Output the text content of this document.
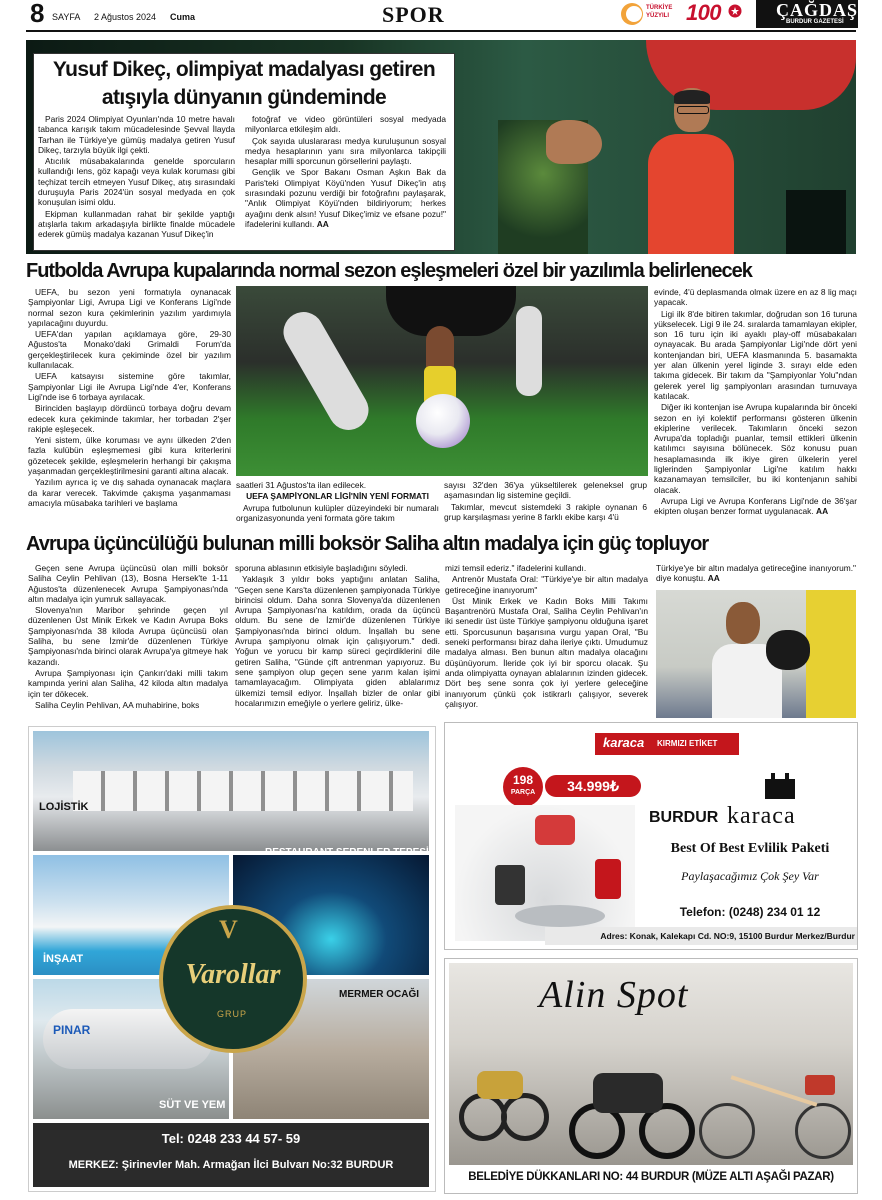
8 SAYFA 2 Ağustos 2024 Cuma	SPOR	TÜRKİYE
YÜZYILI 100	ÇAĞDAŞ
BURDUR GAZETESİ
Yusuf Dikeç, olimpiyat madalyası getiren
atışıyla dünyanın gündeminde

Paris 2024 Olimpiyat Oyunları'nda 10 metre havalı tabanca karışık takım mücadelesinde Şevval İlayda Tarhan ile Türkiye'ye gümüş madalya getiren Yusuf Dikeç, tarzıyla büyük ilgi çekti.

Atıcılık müsabakalarında genelde sporcuların kullandığı lens, göz kapağı veya kulak koruması gibi teçhizat tercih etmeyen Yusuf Dikeç, atış sırasındaki duruşuyla Paris 2024'ün sosyal medyada en çok konuşulan isimi oldu.

Ekipman kullanmadan rahat bir şekilde yaptığı atışlarla takım arkadaşıyla birlikte finalde mücadele ederek gümüş madalya kazanan Yusuf Dikeç'in

fotoğraf ve video görüntüleri sosyal medyada milyonlarca etkileşim aldı.

Çok sayıda uluslararası medya kuruluşunun sosyal medya hesaplarının yanı sıra milyonlarca takipçili hesaplar milli sporcunun görsellerini paylaştı.

Gençlik ve Spor Bakanı Osman Aşkın Bak da Paris'teki Olimpiyat Köyü'nden Yusuf Dikeç'in atış sırasındaki pozunu verdiği bir fotoğrafını paylaşarak, "Anlık Olimpiyat Köyü'nden bildiriyorum; herkes ayağını denk alsın! Yusuf Dikeç'imiz ve efsane pozu!" ifadelerini kullandı. AA

Futbolda Avrupa kupalarında normal sezon eşleşmeleri özel bir yazılımla belirlenecek

UEFA, bu sezon yeni formatıyla oynanacak Şampiyonlar Ligi, Avrupa Ligi ve Konferans Ligi'nde normal sezon kura çekimlerinin yazılım yardımıyla yapılacağını duyurdu.

UEFA'dan yapılan açıklamaya göre, 29-30 Ağustos'ta Monako'daki Grimaldi Forum'da gerçekleştirilecek kura çekiminde özel bir yazılım kullanılacak.

UEFA katsayısı sistemine göre takımlar, Şampiyonlar Ligi ile Avrupa Ligi'nde 4'er, Konferans Ligi'nde ise 6 torbaya ayrılacak.

Birinciden başlayıp dördüncü torbaya doğru devam edecek kura çekiminde takımlar, her torbadan 2'şer rakiple eşleşecek.

Yeni sistem, ülke koruması ve aynı ülkeden 2'den fazla kulübün eşleşmemesi gibi kura kriterlerini gözetecek şekilde, eşleşmelerin herhangi bir çakışma yaşanmadan gerçekleştirilmesini garanti altına alacak.

Yazılım ayrıca iç ve dış sahada oynanacak maçlara da karar verecek. Takvimde çakışma yaşanmaması amacıyla müsabaka tarihleri ve başlama

saatleri 31 Ağustos'ta ilan edilecek.

UEFA ŞAMPİYONLAR LİGİ'NİN YENİ FORMATI

Avrupa futbolunun kulüpler düzeyindeki bir numaralı organizasyonunda yeni formata göre takım

sayısı 32'den 36'ya yükseltilerek geleneksel grup aşamasından lig sistemine geçildi.

Takımlar, mevcut sistemdeki 3 rakiple oynanan 6 grup karşılaşması yerine 8 farklı ekibe karşı 4'ü

evinde, 4'ü deplasmanda olmak üzere en az 8 lig maçı yapacak.

Ligi ilk 8'de bitiren takımlar, doğrudan son 16 turuna yükselecek. Ligi 9 ile 24. sıralarda tamamlayan ekipler, son 16 turu için iki ayaklı play-off müsabakaları oynayacak. Bu arada Şampiyonlar Ligi'nde dört yeni kontenjandan biri, UEFA klasmanında 5. basamakta yer alan ülkenin yerel liginde 3. sırayı elde eden takıma gidecek. Bir takım da "Şampiyonlar Yolu"ndan gelerek yerel lig şampiyonları arasından turnuvaya katılacak.

Diğer iki kontenjan ise Avrupa kupalarında bir önceki sezon en iyi kolektif performansı gösteren ülkenin ekiplerine verilecek. Takımların önceki sezon Avrupa'da topladığı puanlar, temsil ettikleri ülkenin katılımcı sayısına bölünecek. Söz konusu puan hesaplamasında ilk ikiye giren ülkelerin yerel liglerinden Şampiyonlar Ligi'ne katılım hakkı kazanamayan temsilciler, bu iki kontenjanın sahibi olacak.

Avrupa Ligi ve Avrupa Konferans Ligi'nde de 36'şar ekipten oluşan benzer format uygulanacak. AA

Avrupa üçüncülüğü bulunan milli boksör Saliha altın madalya için güç topluyor

Geçen sene Avrupa üçüncüsü olan milli boksör Saliha Ceylin Pehlivan (13), Bosna Hersek'te 1-11 Ağustos'ta düzenlenecek Avrupa Şampiyonası'nda altın madalya için yumruk sallayacak.

Slovenya'nın Maribor şehrinde geçen yıl düzenlenen Üst Minik Erkek ve Kadın Avrupa Boks Şampiyonası'nda 38 kiloda Avrupa üçüncüsü olan Saliha, bu sene İzmir'de düzenlenen Türkiye Şampiyonası'nda birinci olarak Avrupa'ya gitmeye hak kazandı.

Avrupa Şampiyonası için Çankırı'daki milli takım kampında yerini alan Saliha, 42 kiloda altın madalya için ter dökecek.

Saliha Ceylin Pehlivan, AA muhabirine, boks

sporuna ablasının etkisiyle başladığını söyledi.

Yaklaşık 3 yıldır boks yaptığını anlatan Saliha, "Geçen sene Kars'ta düzenlenen şampiyonada Türkiye birincisi oldum. Daha sonra Slovenya'da düzenlenen Avrupa Şampiyonası'na katıldım, orada da üçüncü oldum. Bu sene de İzmir'de düzenlenen Türkiye Şampiyonası'nda birinci oldum. İnşallah bu sene Avrupa şampiyonu olmak için çalışıyorum." dedi. Yoğun ve yorucu bir kamp süreci geçirdiklerini dile getiren Saliha, "Günde çift antrenman yapıyoruz. Bu sene şampiyon olup geçen sene yarım kalan işimi tamamlayacağım. Olimpiyata giden ablalarımız ülkemizi temsil ediyor. İnşallah bizler de onlar gibi hocalarımızın emeğiyle o yerlere geliriz, ülke-

mizi temsil ederiz." ifadelerini kullandı.

Antrenör Mustafa Oral: "Türkiye'ye bir altın madalya getireceğine inanıyorum"

Üst Minik Erkek ve Kadın Boks Milli Takımı Başantrenörü Mustafa Oral, Saliha Ceylin Pehlivan'ın iki senedir üst üste Türkiye şampiyonu olduğuna işaret etti. Sporcusunun başarısına vurgu yapan Oral, "Bu seneki performansı biraz daha ileriye çıktı. Umudumuz madalya alması. Ben bunun altın madalya olacağını düşünüyorum. İleride çok iyi bir sporcu olacak. Şu anda olimpiyatta oynayan ablalarının izinden gidecek. Dört beş sene sonra çok iyi yerlere geleceğine inanıyorum çünkü çok istikrarlı çalışıyor, severek çalışıyor.

Türkiye'ye bir altın madalya getireceğine inanıyorum." diye konuştu. AA

LOJİSTİK
RESTAURANT SERENLER TEPESİ
İNŞAAT
PINAR
SÜT VE YEM
MERMER OCAĞI
V
Varollar
GRUP
Tel: 0248 233 44 57- 59
MERKEZ: Şirinevler Mah. Armağan İlci Bulvarı No:32 BURDUR
karaca KIRMIZI ETİKET
198
PARÇA	34.999₺
BURDUR karaca
Best Of Best Evlilik Paketi
Paylaşacağımız Çok Şey Var
Telefon: (0248) 234 01 12
Adres: Konak, Kalekapı Cd. NO:9, 15100 Burdur Merkez/Burdur
Alin Spot
BELEDİYE DÜKKANLARI NO: 44 BURDUR (MÜZE ALTI AŞAĞI PAZAR)
